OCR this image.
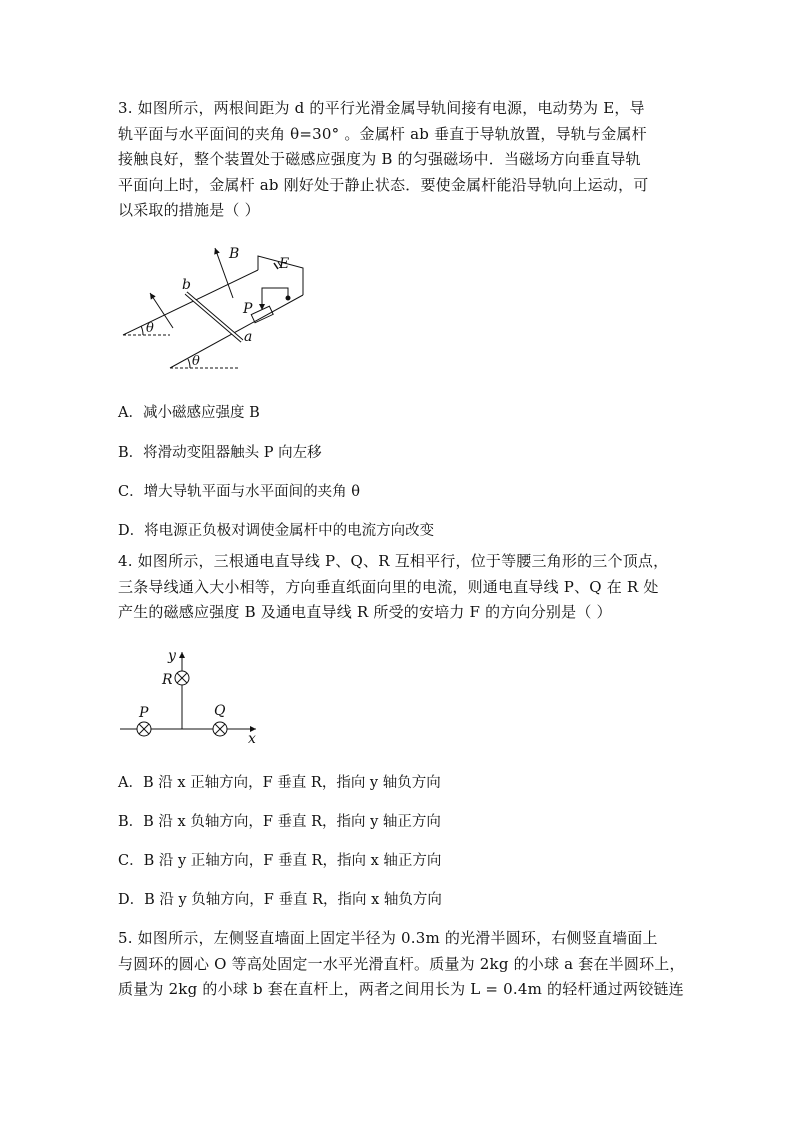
3. 如图所示，两根间距为 d 的平行光滑金属导轨间接有电源，电动势为 E，导
轨平面与水平面间的夹角 θ=30° 。金属杆 ab 垂直于导轨放置，导轨与金属杆
接触良好，整个装置处于磁感应强度为 B 的匀强磁场中．当磁场方向垂直导轨
平面向上时，金属杆 ab 刚好处于静止状态．要使金属杆能沿导轨向上运动，可
以采取的措施是（ ）
B
E
b
P
a
θ
θ
A．减小磁感应强度 B
B．将滑动变阻器触头 P 向左移
C．增大导轨平面与水平面间的夹角 θ
D．将电源正负极对调使金属杆中的电流方向改变
4. 如图所示，三根通电直导线 P、Q、R 互相平行，位于等腰三角形的三个顶点，
三条导线通入大小相等，方向垂直纸面向里的电流，则通电直导线 P、Q 在 R 处
产生的磁感应强度 B 及通电直导线 R 所受的安培力 F 的方向分别是（ ）
y
R
P	Q
x
A．B 沿 x 正轴方向，F 垂直 R，指向 y 轴负方向
B．B 沿 x 负轴方向，F 垂直 R，指向 y 轴正方向
C．B 沿 y 正轴方向，F 垂直 R，指向 x 轴正方向
D．B 沿 y 负轴方向，F 垂直 R，指向 x 轴负方向
5. 如图所示，左侧竖直墙面上固定半径为 0.3m 的光滑半圆环，右侧竖直墙面上
与圆环的圆心 O 等高处固定一水平光滑直杆。质量为 2kg 的小球 a 套在半圆环上，
质量为 2kg 的小球 b 套在直杆上，两者之间用长为 L = 0.4m 的轻杆通过两铰链连
